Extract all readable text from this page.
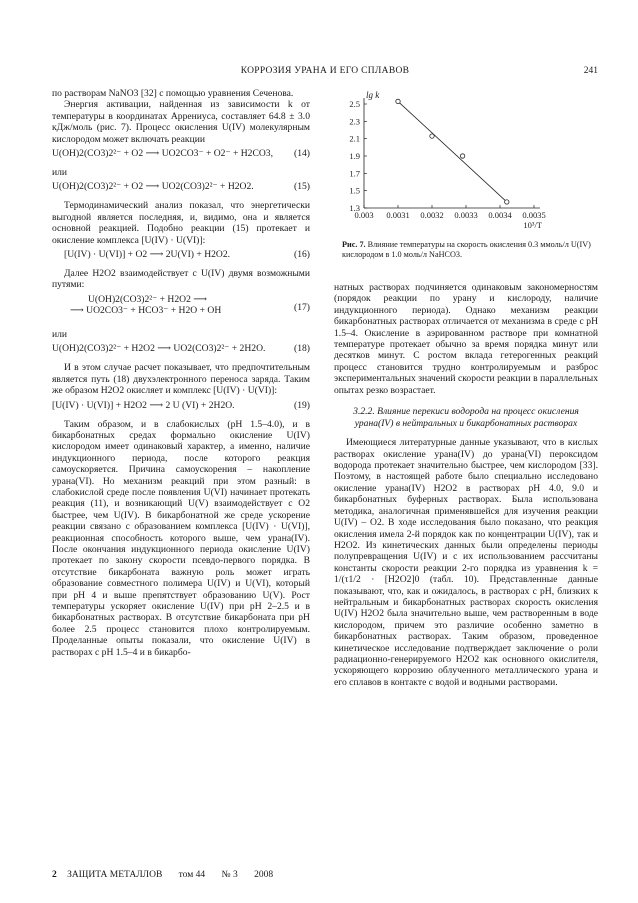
КОРРОЗИЯ УРАНА И ЕГО СПЛАВОВ	241

по растворам NaNO3 [32] с помощью уравнения Сеченова.

Энергия активации, найденная из зависимости k от температуры в координатах Аррениуса, составляет 64.8 ± 3.0 кДж/моль (рис. 7). Процесс окисления U(IV) молекулярным кислородом может включать реакции

U(OH)2(CO3)2²⁻ + O2 ⟶ UO2CO3⁻ + O2⁻ + H2CO3, (14)

или

U(OH)2(CO3)2²⁻ + O2 ⟶ UO2(CO3)2²⁻ + H2O2.	(15)

Термодинамический анализ показал, что энергетически выгодной является последняя, и, видимо, она и является основной реакцией. Подобно реакции (15) протекает и окисление комплекса [U(IV) · U(VI)]:

[U(IV) · U(VI)] + O2 ⟶ 2U(VI) + H2O2.	(16)

Далее H2O2 взаимодействует с U(IV) двумя возможными путями:

U(OH)2(CO3)2²⁻ + H2O2 ⟶
⟶ UO2CO3⁻ + HCO3⁻ + H2O + OH	(17)

или

U(OH)2(CO3)2²⁻ + H2O2 ⟶ UO2(CO3)2²⁻ + 2H2O.	(18)

И в этом случае расчет показывает, что предпочтительным является путь (18) двухэлектронного переноса заряда. Таким же образом H2O2 окисляет и комплекс [U(IV) · U(VI)]:

[U(IV) · U(VI)] + H2O2 ⟶ 2 U (VI) + 2H2O.	(19)

Таким образом, и в слабокислых (pH 1.5–4.0), и в бикарбонатных средах формально окисление U(IV) кислородом имеет одинаковый характер, а именно, наличие индукционного периода, после которого реакция самоускоряется. Причина самоускорения – накопление урана(VI). Но механизм реакций при этом разный: в слабокислой среде после появления U(VI) начинает протекать реакция (11), и возникающий U(V) взаимодействует с O2 быстрее, чем U(IV). В бикарбонатной же среде ускорение реакции связано с образованием комплекса [U(IV) · U(VI)], реакционная способность которого выше, чем урана(IV). После окончания индукционного периода окисление U(IV) протекает по закону скорости псевдо-первого порядка. В отсутствие бикарбоната важную роль может играть образование совместного полимера U(IV) и U(VI), который при pH 4 и выше препятствует образованию U(V). Рост температуры ускоряет окисление U(IV) при pH 2–2.5 и в бикарбонатных растворах. В отсутствие бикарбоната при pH более 2.5 процесс становится плохо контролируемым. Проделанные опыты показали, что окисление U(IV) в растворах с pH 1.5–4 и в бикарбо-

1.3
1.5
1.7
1.9
2.1
2.3
2.5
0.003 0.0031 0.0032 0.0033 0.0034 0.0035
lg k
10³/T
Рис. 7. Влияние температуры на скорость окисления 0.3 ммоль/л U(IV) кислородом в 1.0 моль/л NaHCO3.

натных растворах подчиняется одинаковым закономерностям (порядок реакции по урану и кислороду, наличие индукционного периода). Однако механизм реакции бикарбонатных растворах отличается от механизма в среде с pH 1.5–4. Окисление в аэрированном растворе при комнатной температуре протекает обычно за время порядка минут или десятков минут. С ростом вклада гетерогенных реакций процесс становится трудно контролируемым и разброс экспериментальных значений скорости реакции в параллельных опытах резко возрастает.

3.2.2. Влияние перекиси водорода на процесс окисления урана(IV) в нейтральных и бикарбонатных растворах

Имеющиеся литературные данные указывают, что в кислых растворах окисление урана(IV) до урана(VI) пероксидом водорода протекает значительно быстрее, чем кислородом [33]. Поэтому, в настоящей работе было специально исследовано окисление урана(IV) H2O2 в растворах pH 4.0, 9.0 и бикарбонатных буферных растворах. Была использована методика, аналогичная применявшейся для изучения реакции U(IV) – O2. В ходе исследования было показано, что реакция окисления имела 2-й порядок как по концентрации U(IV), так и H2O2. Из кинетических данных были определены периоды полупревращения U(IV) и с их использованием рассчитаны константы скорости реакции 2-го порядка из уравнения k = 1/(τ1/2 · [H2O2]0 (табл. 10). Представленные данные показывают, что, как и ожидалось, в растворах с pH, близких к нейтральным и бикарбонатных растворах скорость окисления U(IV) H2O2 была значительно выше, чем растворенным в воде кислородом, причем это различие особенно заметно в бикарбонатных растворах. Таким образом, проведенное кинетическое исследование подтверждает заключение о роли радиационно-генерируемого H2O2 как основного окислителя, ускоряющего коррозию облученного металлического урана и его сплавов в контакте с водой и водными растворами.

2 ЗАЩИТА МЕТАЛЛОВ том 44 № 3 2008
